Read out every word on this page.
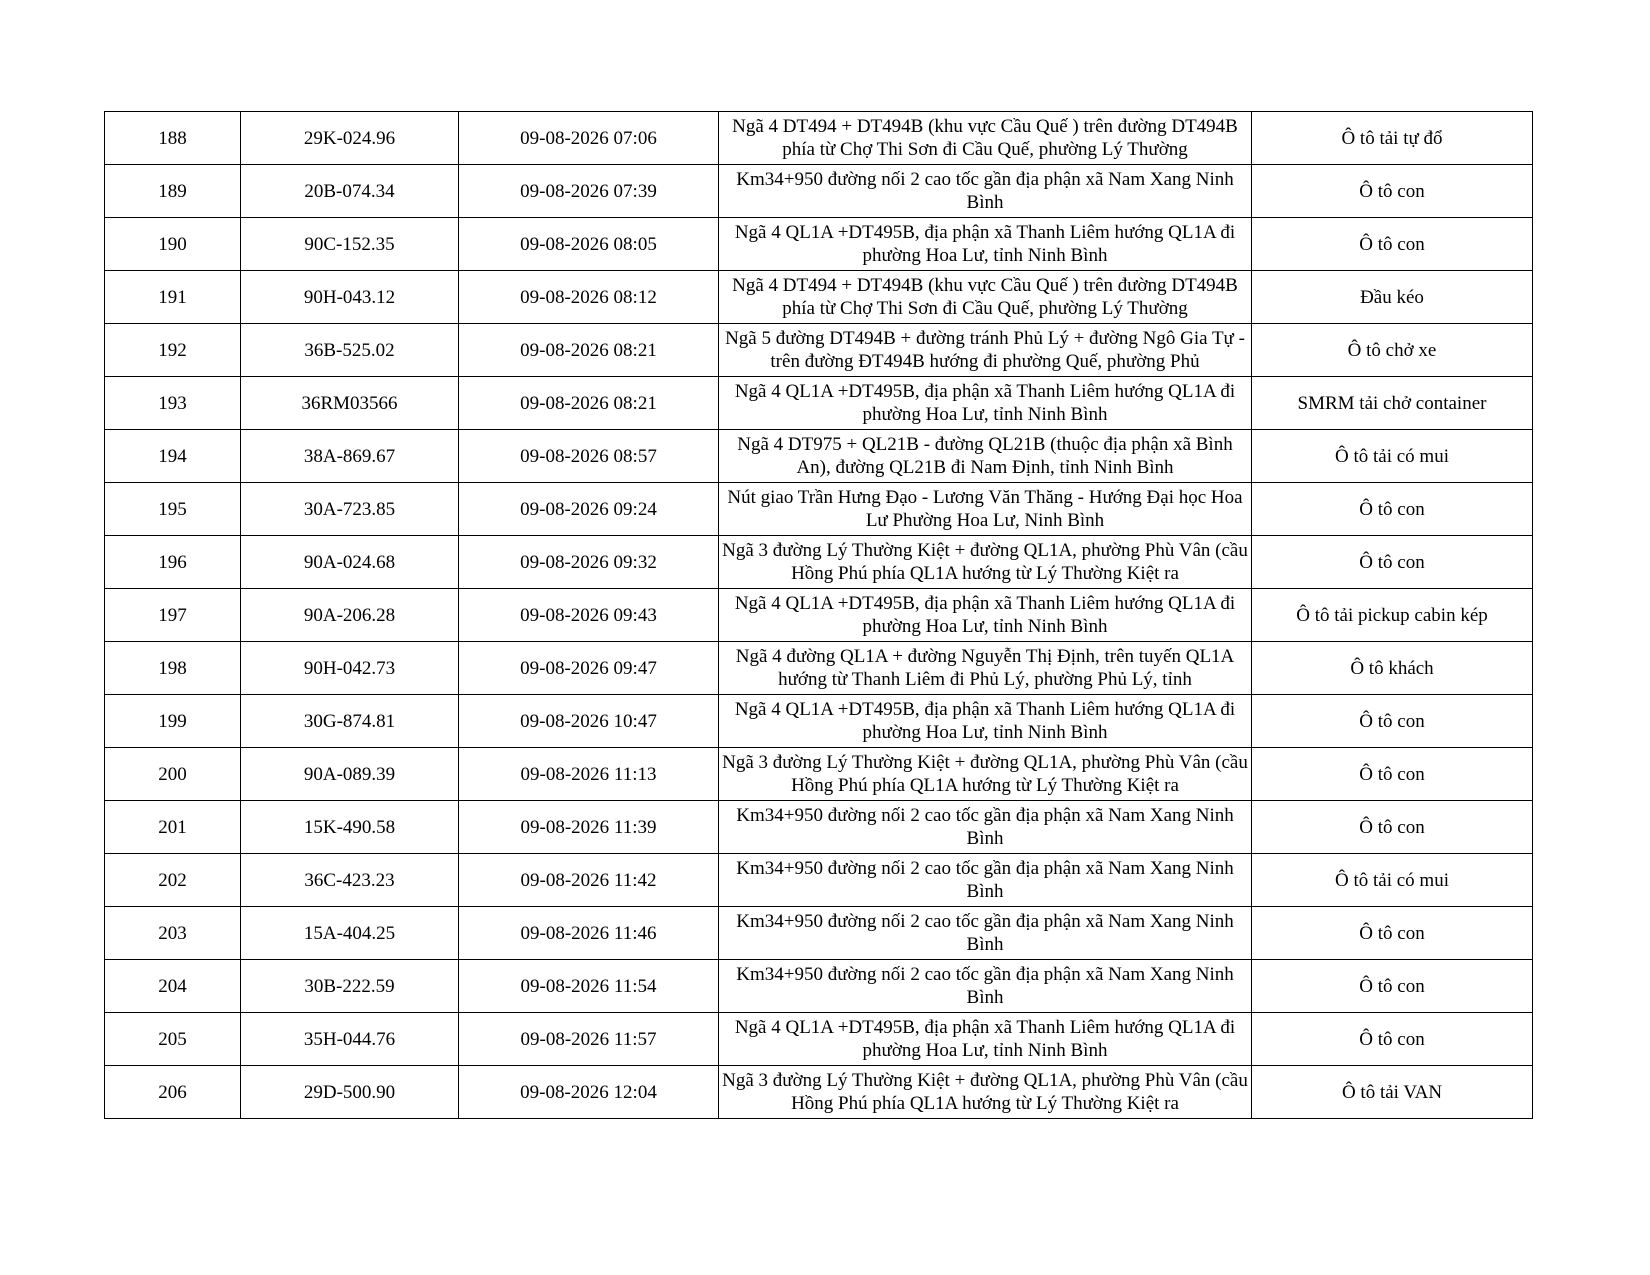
188	29K-024.96	09-08-2026 07:06	Ngã 4 DT494 + DT494B (khu vực Cầu Quế ) trên đường DT494B phía từ Chợ Thi Sơn đi Cầu Quế, phường Lý Thường	Ô tô tải tự đổ
189	20B-074.34	09-08-2026 07:39	Km34+950 đường nối 2 cao tốc gần địa phận xã Nam Xang Ninh Bình	Ô tô con
190	90C-152.35	09-08-2026 08:05	Ngã 4 QL1A +DT495B, địa phận xã Thanh Liêm hướng QL1A đi phường Hoa Lư, tỉnh Ninh Bình	Ô tô con
191	90H-043.12	09-08-2026 08:12	Ngã 4 DT494 + DT494B (khu vực Cầu Quế ) trên đường DT494B phía từ Chợ Thi Sơn đi Cầu Quế, phường Lý Thường	Đầu kéo
192	36B-525.02	09-08-2026 08:21	Ngã 5 đường DT494B + đường tránh Phủ Lý + đường Ngô Gia Tự - trên đường ĐT494B hướng đi phường Quế, phường Phủ	Ô tô chở xe
193	36RM03566	09-08-2026 08:21	Ngã 4 QL1A +DT495B, địa phận xã Thanh Liêm hướng QL1A đi phường Hoa Lư, tỉnh Ninh Bình	SMRM tải chở container
194	38A-869.67	09-08-2026 08:57	Ngã 4 DT975 + QL21B - đường QL21B (thuộc địa phận xã Bình An), đường QL21B đi Nam Định, tỉnh Ninh Bình	Ô tô tải có mui
195	30A-723.85	09-08-2026 09:24	Nút giao Trần Hưng Đạo - Lương Văn Thăng - Hướng Đại học Hoa Lư Phường Hoa Lư, Ninh Bình	Ô tô con
196	90A-024.68	09-08-2026 09:32	Ngã 3 đường Lý Thường Kiệt + đường QL1A, phường Phù Vân (cầu Hồng Phú phía QL1A hướng từ Lý Thường Kiệt ra	Ô tô con
197	90A-206.28	09-08-2026 09:43	Ngã 4 QL1A +DT495B, địa phận xã Thanh Liêm hướng QL1A đi phường Hoa Lư, tỉnh Ninh Bình	Ô tô tải pickup cabin kép
198	90H-042.73	09-08-2026 09:47	Ngã 4 đường QL1A + đường Nguyễn Thị Định, trên tuyến QL1A hướng từ Thanh Liêm đi Phủ Lý, phường Phủ Lý, tỉnh	Ô tô khách
199	30G-874.81	09-08-2026 10:47	Ngã 4 QL1A +DT495B, địa phận xã Thanh Liêm hướng QL1A đi phường Hoa Lư, tỉnh Ninh Bình	Ô tô con
200	90A-089.39	09-08-2026 11:13	Ngã 3 đường Lý Thường Kiệt + đường QL1A, phường Phù Vân (cầu Hồng Phú phía QL1A hướng từ Lý Thường Kiệt ra	Ô tô con
201	15K-490.58	09-08-2026 11:39	Km34+950 đường nối 2 cao tốc gần địa phận xã Nam Xang Ninh Bình	Ô tô con
202	36C-423.23	09-08-2026 11:42	Km34+950 đường nối 2 cao tốc gần địa phận xã Nam Xang Ninh Bình	Ô tô tải có mui
203	15A-404.25	09-08-2026 11:46	Km34+950 đường nối 2 cao tốc gần địa phận xã Nam Xang Ninh Bình	Ô tô con
204	30B-222.59	09-08-2026 11:54	Km34+950 đường nối 2 cao tốc gần địa phận xã Nam Xang Ninh Bình	Ô tô con
205	35H-044.76	09-08-2026 11:57	Ngã 4 QL1A +DT495B, địa phận xã Thanh Liêm hướng QL1A đi phường Hoa Lư, tỉnh Ninh Bình	Ô tô con
206	29D-500.90	09-08-2026 12:04	Ngã 3 đường Lý Thường Kiệt + đường QL1A, phường Phù Vân (cầu Hồng Phú phía QL1A hướng từ Lý Thường Kiệt ra	Ô tô tải VAN
